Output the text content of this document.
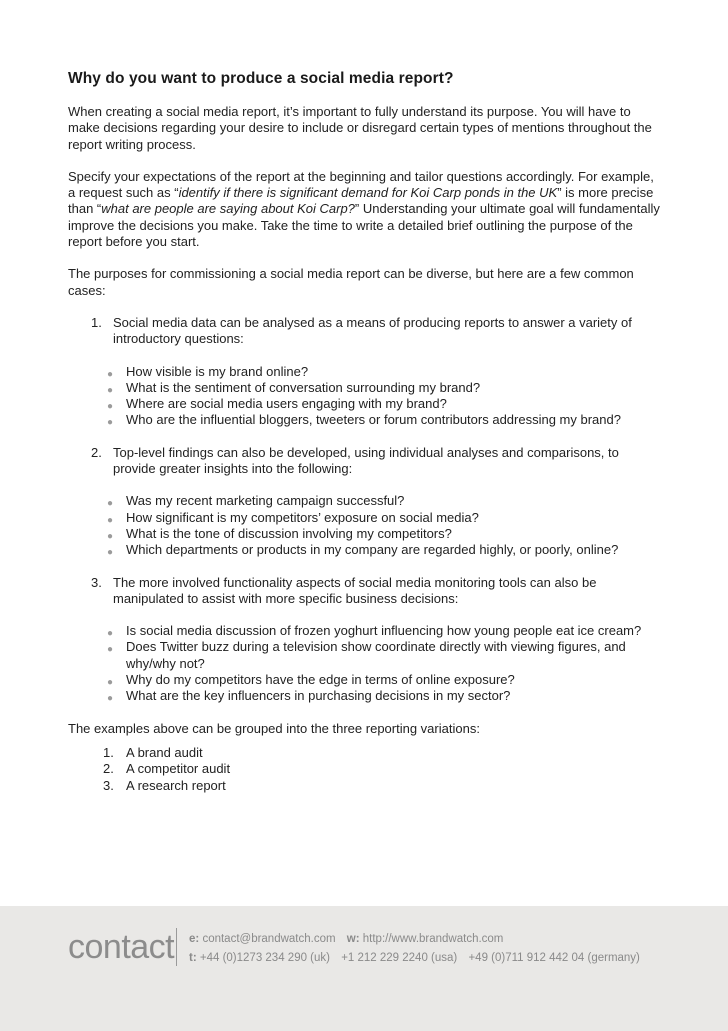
Why do you want to produce a social media report?

When creating a social media report, it’s important to fully understand its purpose. You will have to make decisions regarding your desire to include or disregard certain types of mentions throughout the report writing process.

Specify your expectations of the report at the beginning and tailor questions accordingly. For example, a request such as “identify if there is significant demand for Koi Carp ponds in the UK” is more precise than “what are people are saying about Koi Carp?” Understanding your ultimate goal will fundamentally improve the decisions you make. Take the time to write a detailed brief outlining the purpose of the report before you start.

The purposes for commissioning a social media report can be diverse, but here are a few common cases:

1. Social media data can be analysed as a means of producing reports to answer a variety of introductory questions:
● How visible is my brand online?
● What is the sentiment of conversation surrounding my brand?
● Where are social media users engaging with my brand?
● Who are the influential bloggers, tweeters or forum contributors addressing my brand?
2. Top-level findings can also be developed, using individual analyses and comparisons, to provide greater insights into the following:
● Was my recent marketing campaign successful?
● How significant is my competitors’ exposure on social media?
● What is the tone of discussion involving my competitors?
● Which departments or products in my company are regarded highly, or poorly, online?
3. The more involved functionality aspects of social media monitoring tools can also be manipulated to assist with more specific business decisions:
● Is social media discussion of frozen yoghurt influencing how young people eat ice cream?
● Does Twitter buzz during a television show coordinate directly with viewing figures, and why/why not?
● Why do my competitors have the edge in terms of online exposure?
● What are the key influencers in purchasing decisions in my sector?

The examples above can be grouped into the three reporting variations:

1. A brand audit
2. A competitor audit
3. A research report
contact e: contact@brandwatch.com w: http://www.brandwatch.com
t: +44 (0)1273 234 290 (uk) +1 212 229 2240 (usa) +49 (0)711 912 442 04 (germany)
